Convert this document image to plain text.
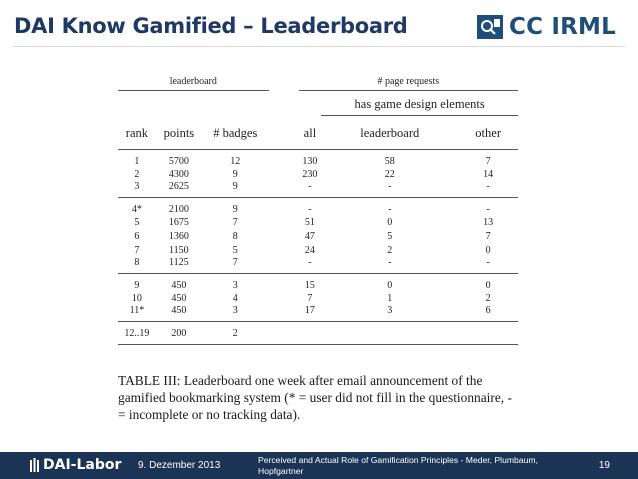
DAI Know Gamified – Leaderboard	CC IRML
leaderboard				# page requests		
					has game design elements	
rank	points	# badges		all	leaderboard	other
1	5700	12		130	58	7
2	4300	9		230	22	14
3	2625	9		-	-	-
4*	2100	9		-	-	-
5	1675	7		51	0	13
6	1360	8		47	5	7
7	1150	5		24	2	0
8	1125	7		-	-	-
9	450	3		15	0	0
10	450	4		7	1	2
11*	450	3		17	3	6
12..19	200	2				
TABLE III: Leaderboard one week after email announcement of the gamified bookmarking system (* = user did not fill in the questionnaire, - = incomplete or no tracking data).
DAI-Labor 9. Dezember 2013	Perceived and Actual Role of Gamification Principles - Meder, Plumbaum, Hopfgartner	19
